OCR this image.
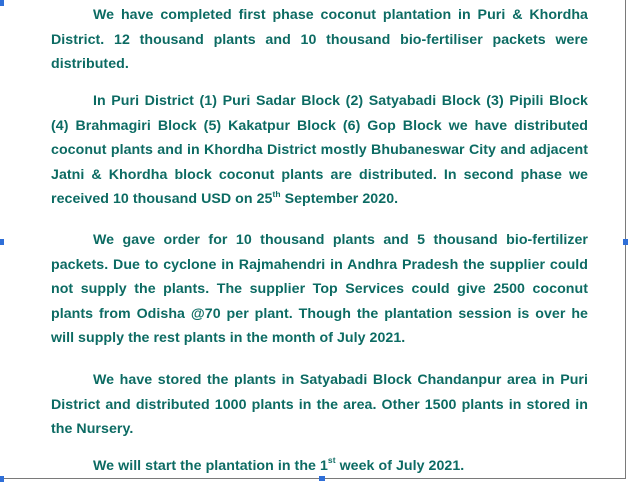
We have completed first phase coconut plantation in Puri & Khordha District. 12 thousand plants and 10 thousand bio-fertiliser packets were distributed.

In Puri District (1) Puri Sadar Block (2) Satyabadi Block (3) Pipili Block (4) Brahmagiri Block (5) Kakatpur Block (6) Gop Block we have distributed coconut plants and in Khordha District mostly Bhubaneswar City and adjacent Jatni & Khordha block coconut plants are distributed. In second phase we received 10 thousand USD on 25th September 2020.

We gave order for 10 thousand plants and 5 thousand bio-fertilizer packets. Due to cyclone in Rajmahendri in Andhra Pradesh the supplier could not supply the plants. The supplier Top Services could give 2500 coconut plants from Odisha @70 per plant. Though the plantation session is over he will supply the rest plants in the month of July 2021.

We have stored the plants in Satyabadi Block Chandanpur area in Puri District and distributed 1000 plants in the area. Other 1500 plants in stored in the Nursery.

We will start the plantation in the 1st week of July 2021.
